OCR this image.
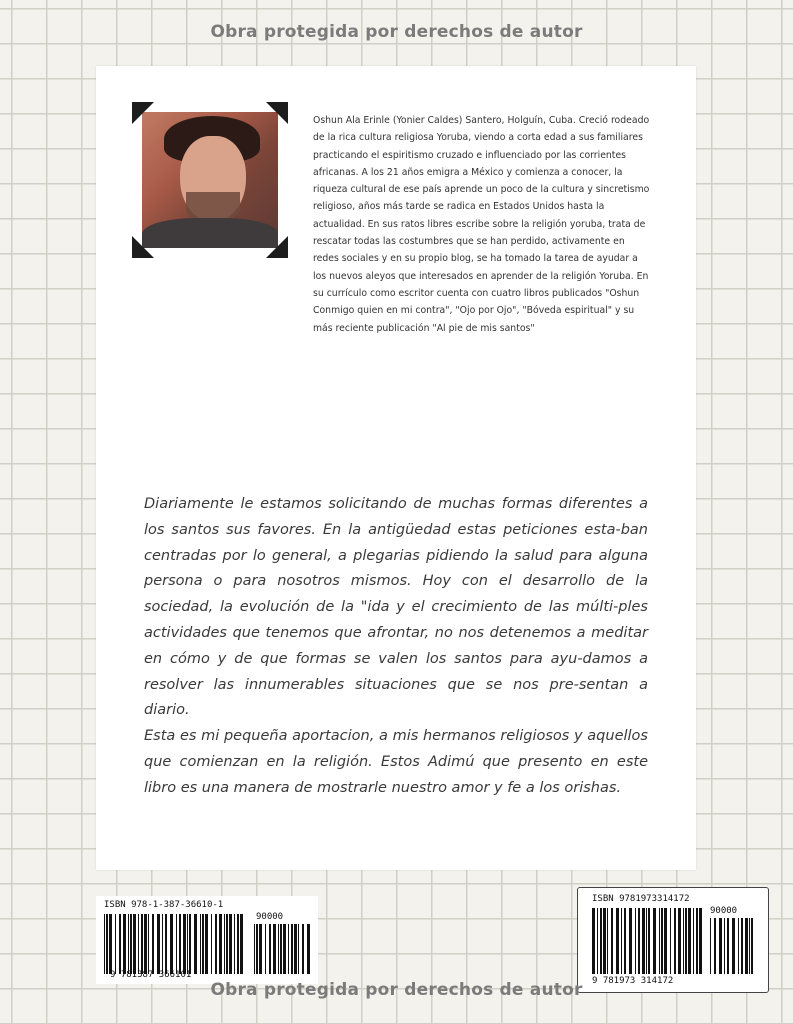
Obra protegida por derechos de autor

Oshun Ala Erinle (Yonier Caldes) Santero, Holguín, Cuba. Creció rodeado de la rica cultura religiosa Yoruba, viendo a corta edad a sus familiares practicando el espiritismo cruzado e influenciado por las corrientes africanas. A los 21 años emigra a México y comienza a conocer, la riqueza cultural de ese país aprende un poco de la cultura y sincretismo religioso, años más tarde se radica en Estados Unidos hasta la actualidad. En sus ratos libres escribe sobre la religión yoruba, trata de rescatar todas las costumbres que se han perdido, activamente en redes sociales y en su propio blog, se ha tomado la tarea de ayudar a los nuevos aleyos que interesados en aprender de la religión Yoruba. En su currículo como escritor cuenta con cuatro libros publicados "Oshun Conmigo quien en mi contra", "Ojo por Ojo", "Bóveda espiritual" y su más reciente publicación "Al pie de mis santos"

Diariamente le estamos solicitando de muchas formas diferentes a los santos sus favores. En la antigüedad estas peticiones esta-ban centradas por lo general, a plegarias pidiendo la salud para alguna persona o para nosotros mismos. Hoy con el desarrollo de la sociedad, la evolución de la "ida y el crecimiento de las múlti-ples actividades que tenemos que afrontar, no nos detenemos a meditar en cómo y de que formas se valen los santos para ayu-damos a resolver las innumerables situaciones que se nos pre-sentan a diario.

Esta es mi pequeña aportacion, a mis hermanos religiosos y aquellos que comienzan en la religión. Estos Adimú que presento en este libro es una manera de mostrarle nuestro amor y fe a los orishas.

ISBN 978-1-387-36610-1
90000
9 781387 366101
ISBN 9781973314172
90000
9 781973 314172
Obra protegida por derechos de autor
